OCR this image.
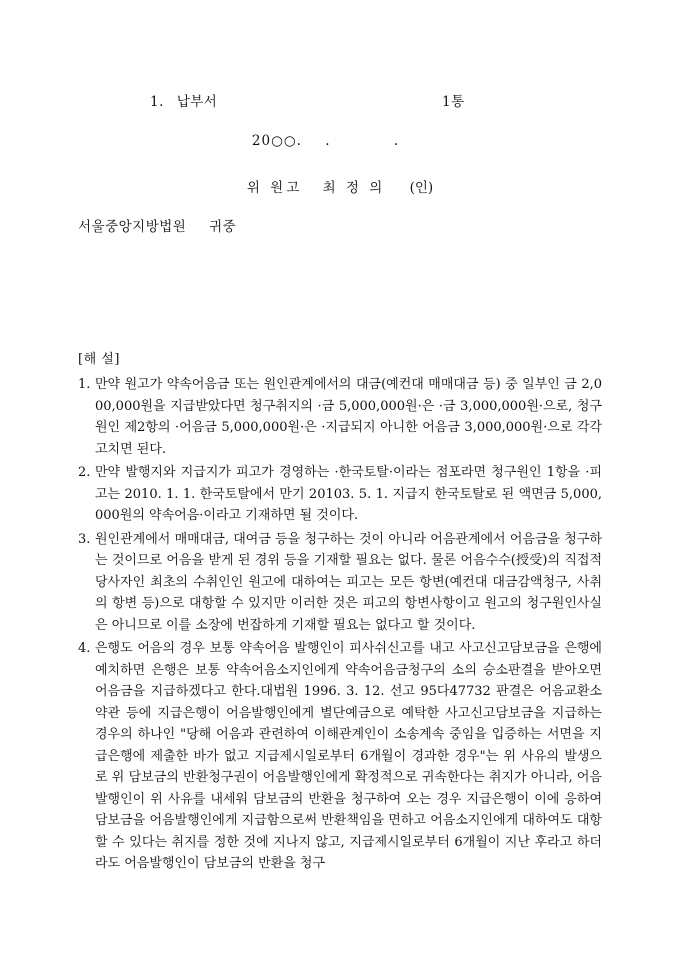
1. 납부서	1통
20○○. . .
위 원고 최 정 의 (인)
서울중앙지방법원 귀중
[해 설]
1. 만약 원고가 약속어음금 또는 원인관계에서의 대금(예컨대 매매대금 등) 중 일부인 금 2,000,000원을 지급받았다면 청구취지의 ·금 5,000,000원·은 ·금 3,000,000원·으로, 청구원인 제2항의 ·어음금 5,000,000원·은 ·지급되지 아니한 어음금 3,000,000원·으로 각각 고치면 된다.
2. 만약 발행지와 지급지가 피고가 경영하는 ·한국토탈·이라는 점포라면 청구원인 1항을 ·피고는 2010. 1. 1. 한국토탈에서 만기 20103. 5. 1. 지급지 한국토탈로 된 액면금 5,000,000원의 약속어음·이라고 기재하면 될 것이다.
3. 원인관계에서 매매대금, 대여금 등을 청구하는 것이 아니라 어음관계에서 어음금을 청구하는 것이므로 어음을 받게 된 경위 등을 기재할 필요는 없다. 물론 어음수수(授受)의 직접적 당사자인 최초의 수취인인 원고에 대하여는 피고는 모든 항변(예컨대 대금감액청구, 사취의 항변 등)으로 대항할 수 있지만 이러한 것은 피고의 항변사항이고 원고의 청구원인사실은 아니므로 이를 소장에 번잡하게 기재할 필요는 없다고 할 것이다.
4. 은행도 어음의 경우 보통 약속어음 발행인이 피사쉬신고를 내고 사고신고담보금을 은행에 예치하면 은행은 보통 약속어음소지인에게 약속어음금청구의 소의 승소판결을 받아오면 어음금을 지급하겠다고 한다.대법원 1996. 3. 12. 선고 95다47732 판결은 어음교환소약관 등에 지급은행이 어음발행인에게 별단예금으로 예탁한 사고신고담보금을 지급하는 경우의 하나인 "당해 어음과 관련하여 이해관계인이 소송계속 중임을 입증하는 서면을 지급은행에 제출한 바가 없고 지급제시일로부터 6개월이 경과한 경우"는 위 사유의 발생으로 위 담보금의 반환청구권이 어음발행인에게 확정적으로 귀속한다는 취지가 아니라, 어음발행인이 위 사유를 내세워 담보금의 반환을 청구하여 오는 경우 지급은행이 이에 응하여 담보금을 어음발행인에게 지급함으로써 반환책임을 면하고 어음소지인에게 대하여도 대항할 수 있다는 취지를 정한 것에 지나지 않고, 지급제시일로부터 6개월이 지난 후라고 하더라도 어음발행인이 담보금의 반환을 청구
